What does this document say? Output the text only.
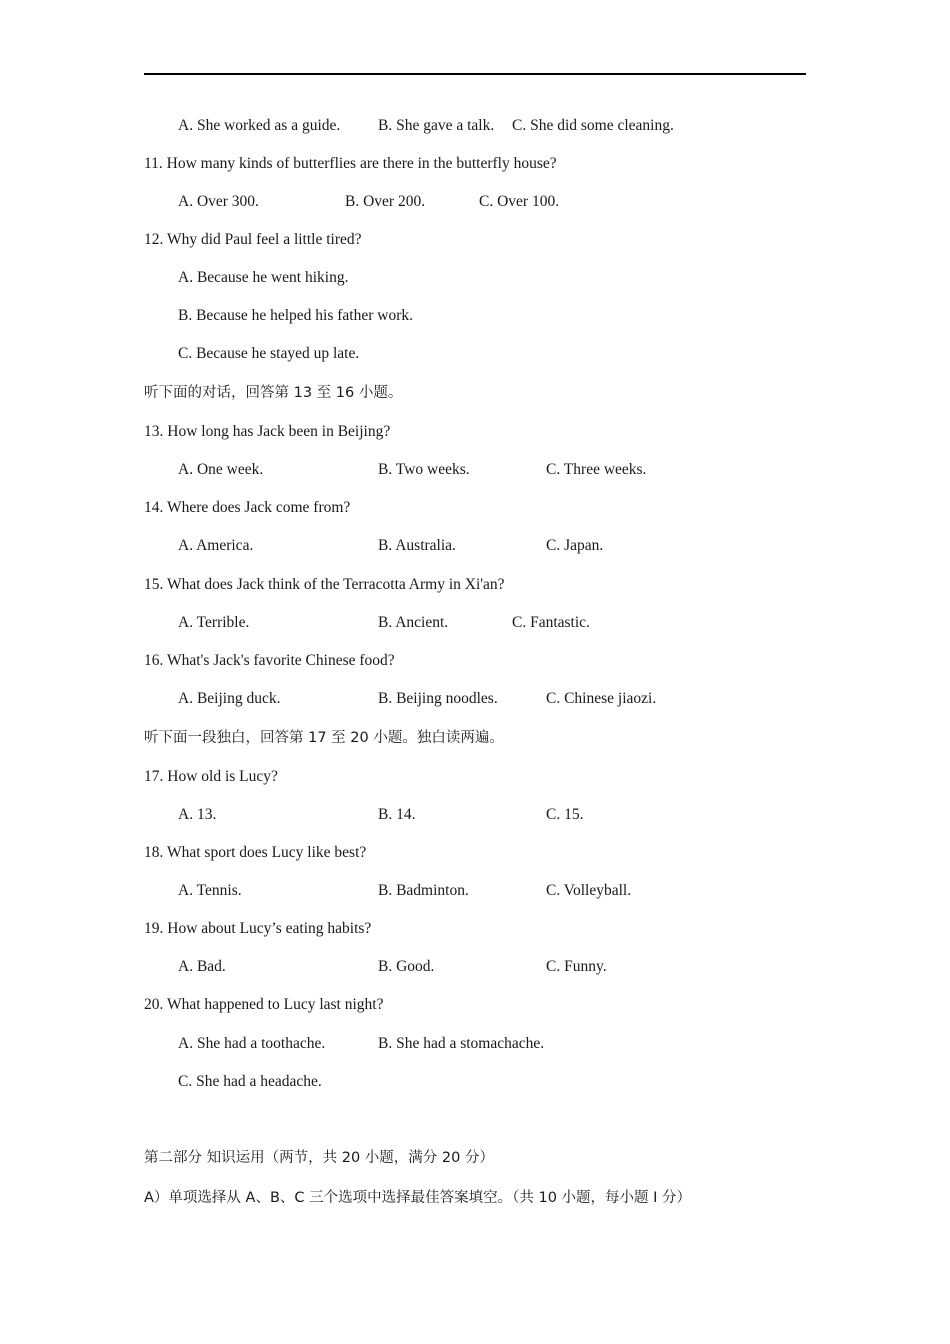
A. She worked as a guide. B. She gave a talk. C. She did some cleaning.
11. How many kinds of butterflies are there in the butterfly house?
A. Over 300.	B. Over 200.	C. Over 100.
12. Why did Paul feel a little tired?
A. Because he went hiking.
B. Because he helped his father work.
C. Because he stayed up late.
听下面的对话，回答第 13 至 16 小题。
13. How long has Jack been in Beijing?
A. One week.	B. Two weeks.	C. Three weeks.
14. Where does Jack come from?
A. America.	B. Australia.	C. Japan.
15. What does Jack think of the Terracotta Army in Xi'an?
A. Terrible.	B. Ancient.	C. Fantastic.
16. What's Jack's favorite Chinese food?
A. Beijing duck.	B. Beijing noodles.	C. Chinese jiaozi.
听下面一段独白，回答第 17 至 20 小题。独白读两遍。
17. How old is Lucy?
A. 13.	B. 14.	C. 15.
18. What sport does Lucy like best?
A. Tennis.	B. Badminton.	C. Volleyball.
19. How about Lucy’s eating habits?
A. Bad.	B. Good.	C. Funny.
20. What happened to Lucy last night?
A. She had a toothache.	B. She had a stomachache.
C. She had a headache.
第二部分 知识运用（两节，共 20 小题，满分 20 分）
A）单项选择从 A、B、C 三个选项中选择最佳答案填空。（共 10 小题，每小题 I 分）
